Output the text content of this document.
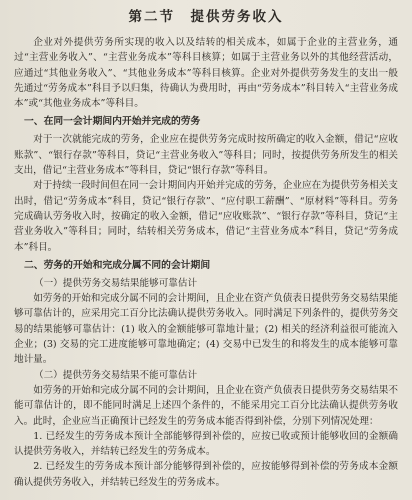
第二节　提供劳务收入

企业对外提供劳务所实现的收入以及结转的相关成本，如属于企业的主营业务，通过“主营业务收入”、“主营业务成本”等科目核算；如属于主营业务以外的其他经营活动，应通过“其他业务收入”、“其他业务成本”等科目核算。企业对外提供劳务发生的支出一般先通过“劳务成本”科目予以归集，待确认为费用时，再由“劳务成本”科目转入“主营业务成本”或“其他业务成本”等科目。

一、在同一会计期间内开始并完成的劳务

对于一次就能完成的劳务，企业应在提供劳务完成时按所确定的收入金额，借记“应收账款”、“银行存款”等科目，贷记“主营业务收入”等科目；同时，按提供劳务所发生的相关支出，借记“主营业务成本”等科目，贷记“银行存款”等科目。

对于持续一段时间但在同一会计期间内开始并完成的劳务，企业应在为提供劳务相关支出时，借记“劳务成本”科目，贷记“银行存款”、“应付职工薪酬”、“原材料”等科目。劳务完成确认劳务收入时，按确定的收入金额，借记“应收账款”、“银行存款”等科目，贷记“主营业务收入”等科目；同时，结转相关劳务成本，借记“主营业务成本”科目，贷记“劳务成本”科目。

二、劳务的开始和完成分属不同的会计期间
（一）提供劳务交易结果能够可靠估计

如劳务的开始和完成分属不同的会计期间，且企业在资产负债表日提供劳务交易结果能够可靠估计的，应采用完工百分比法确认提供劳务收入。同时满足下列条件的，提供劳务交易的结果能够可靠估计：(1) 收入的金额能够可靠地计量；(2) 相关的经济利益很可能流入企业；(3) 交易的完工进度能够可靠地确定；(4) 交易中已发生的和将发生的成本能够可靠地计量。

（二）提供劳务交易结果不能可靠估计

如劳务的开始和完成分属不同的会计期间，且企业在资产负债表日提供劳务交易结果不能可靠估计的，即不能同时满足上述四个条件的，不能采用完工百分比法确认提供劳务收入。此时，企业应当正确预计已经发生的劳务成本能否得到补偿，分别下列情况处理：

1. 已经发生的劳务成本预计全部能够得到补偿的，应按已收或预计能够收回的金额确认提供劳务收入，并结转已经发生的劳务成本。

2. 已经发生的劳务成本预计部分能够得到补偿的，应按能够得到补偿的劳务成本金额确认提供劳务收入，并结转已经发生的劳务成本。
